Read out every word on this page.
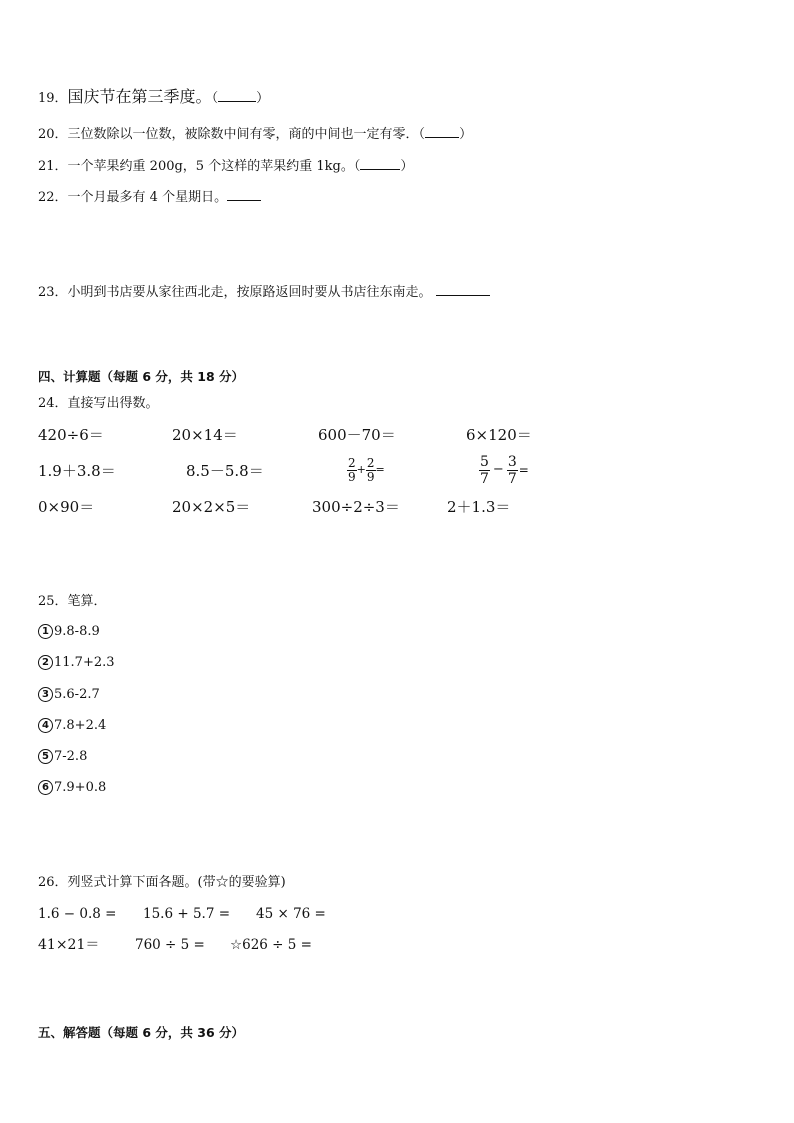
19．国庆节在第三季度。（	）
20．三位数除以一位数，被除数中间有零，商的中间也一定有零．（	）
21．一个苹果约重 200g，5 个这样的苹果约重 1kg。（	）
22．一个月最多有 4 个星期日。
23．小明到书店要从家往西北走，按原路返回时要从书店往东南走。
四、计算题（每题 6 分，共 18 分）
24．直接写出得数。
420÷6＝	20×14＝	600－70＝	6×120＝
1.9＋3.8＝	8.5－5.8＝	$\frac{2}{9} + \frac{2}{9}$ =	$\frac{5}{7} - \frac{3}{7}$ =
0×90＝	20×2×5＝	300÷2÷3＝	2＋1.3＝
25．笔算．
1 9.8-8.9
2 11.7+2.3
3 5.6-2.7
4 7.8+2.4
5 7-2.8
6 7.9+0.8
26．列竖式计算下面各题。(带☆的要验算)
1.6 − 0.8 = 15.6 + 5.7 = 45 × 76 =
41×21＝	760 ÷ 5 = ☆626 ÷ 5 =
五、解答题（每题 6 分，共 36 分）
